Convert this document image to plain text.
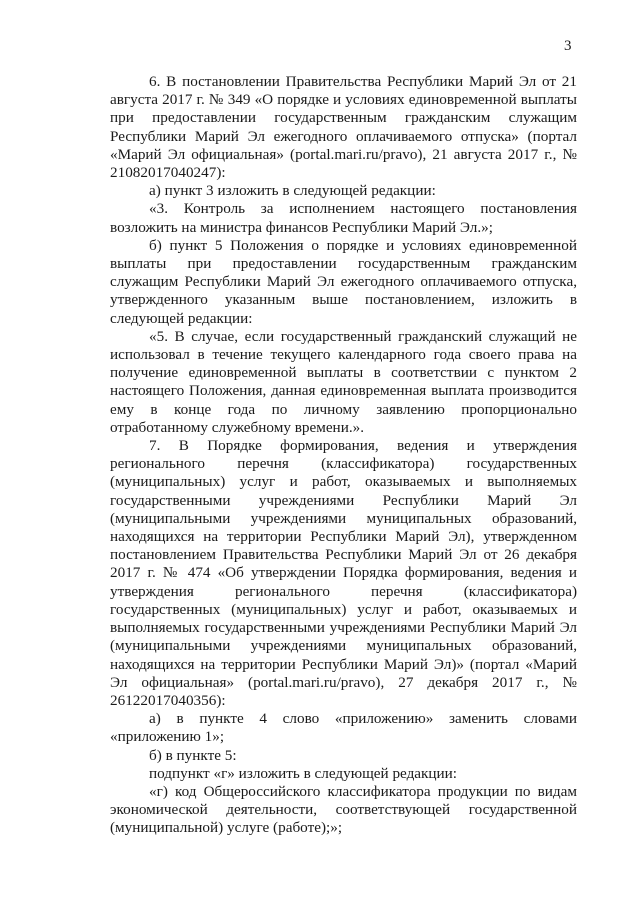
3

6. В постановлении Правительства Республики Марий Эл от 21 августа 2017 г. № 349 «О порядке и условиях единовременной выплаты при предоставлении государственным гражданским служащим Республики Марий Эл ежегодного оплачиваемого отпуска» (портал «Марий Эл официальная» (portal.mari.ru/pravo), 21 августа 2017 г., № 21082017040247):

а) пункт 3 изложить в следующей редакции:

«3. Контроль за исполнением настоящего постановления возложить на министра финансов Республики Марий Эл.»;

б) пункт 5 Положения о порядке и условиях единовременной выплаты при предоставлении государственным гражданским служащим Республики Марий Эл ежегодного оплачиваемого отпуска, утвержденного указанным выше постановлением, изложить в следующей редакции:

«5. В случае, если государственный гражданский служащий не использовал в течение текущего календарного года своего права на получение единовременной выплаты в соответствии с пунктом 2 настоящего Положения, данная единовременная выплата производится ему в конце года по личному заявлению пропорционально отработанному служебному времени.».

7. В Порядке формирования, ведения и утверждения регионального перечня (классификатора) государственных (муниципальных) услуг и работ, оказываемых и выполняемых государственными учреждениями Республики Марий Эл (муниципальными учреждениями муниципальных образований, находящихся на территории Республики Марий Эл), утвержденном постановлением Правительства Республики Марий Эл от 26 декабря 2017 г. № 474 «Об утверждении Порядка формирования, ведения и утверждения регионального перечня (классификатора) государственных (муниципальных) услуг и работ, оказываемых и выполняемых государственными учреждениями Республики Марий Эл (муниципальными учреждениями муниципальных образований, находящихся на территории Республики Марий Эл)» (портал «Марий Эл официальная» (portal.mari.ru/pravo), 27 декабря 2017 г., № 26122017040356):

а) в пункте 4 слово «приложению» заменить словами «приложению 1»;

б) в пункте 5:

подпункт «г» изложить в следующей редакции:

«г) код Общероссийского классификатора продукции по видам экономической деятельности, соответствующей государственной (муниципальной) услуге (работе);»;
